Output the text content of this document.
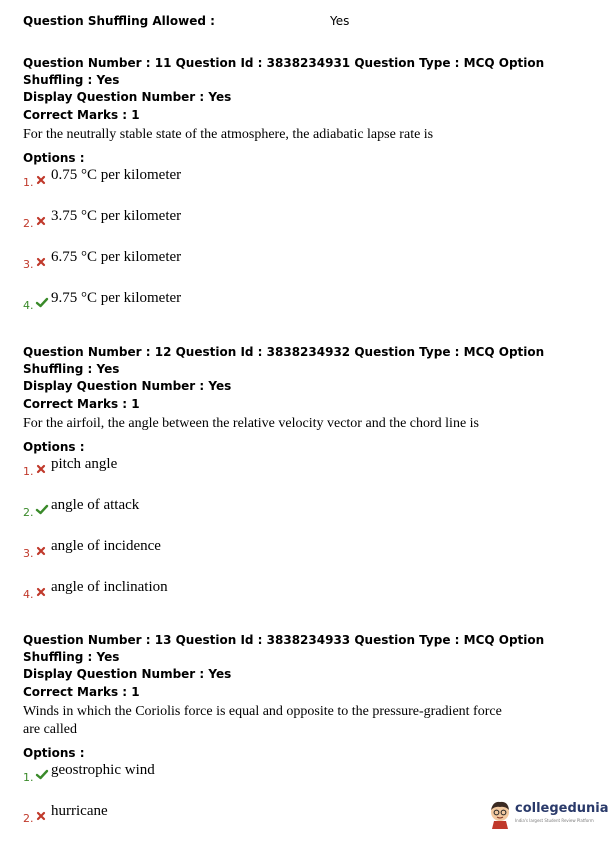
Question Shuffling Allowed :	Yes
Question Number : 11 Question Id : 3838234931 Question Type : MCQ Option Shuffling : Yes
Display Question Number : Yes
Correct Marks : 1
For the neutrally stable state of the atmosphere, the adiabatic lapse rate is
Options :
1. 0.75 °C per kilometer
2. 3.75 °C per kilometer
3. 6.75 °C per kilometer
4. 9.75 °C per kilometer
Question Number : 12 Question Id : 3838234932 Question Type : MCQ Option Shuffling : Yes
Display Question Number : Yes
Correct Marks : 1
For the airfoil, the angle between the relative velocity vector and the chord line is
Options :
1. pitch angle
2. angle of attack
3. angle of incidence
4. angle of inclination
Question Number : 13 Question Id : 3838234933 Question Type : MCQ Option Shuffling : Yes
Display Question Number : Yes
Correct Marks : 1
Winds in which the Coriolis force is equal and opposite to the pressure-gradient force
are called
Options :
1. geostrophic wind
2. hurricane	collegedunia
India's largest Student Review Platform
